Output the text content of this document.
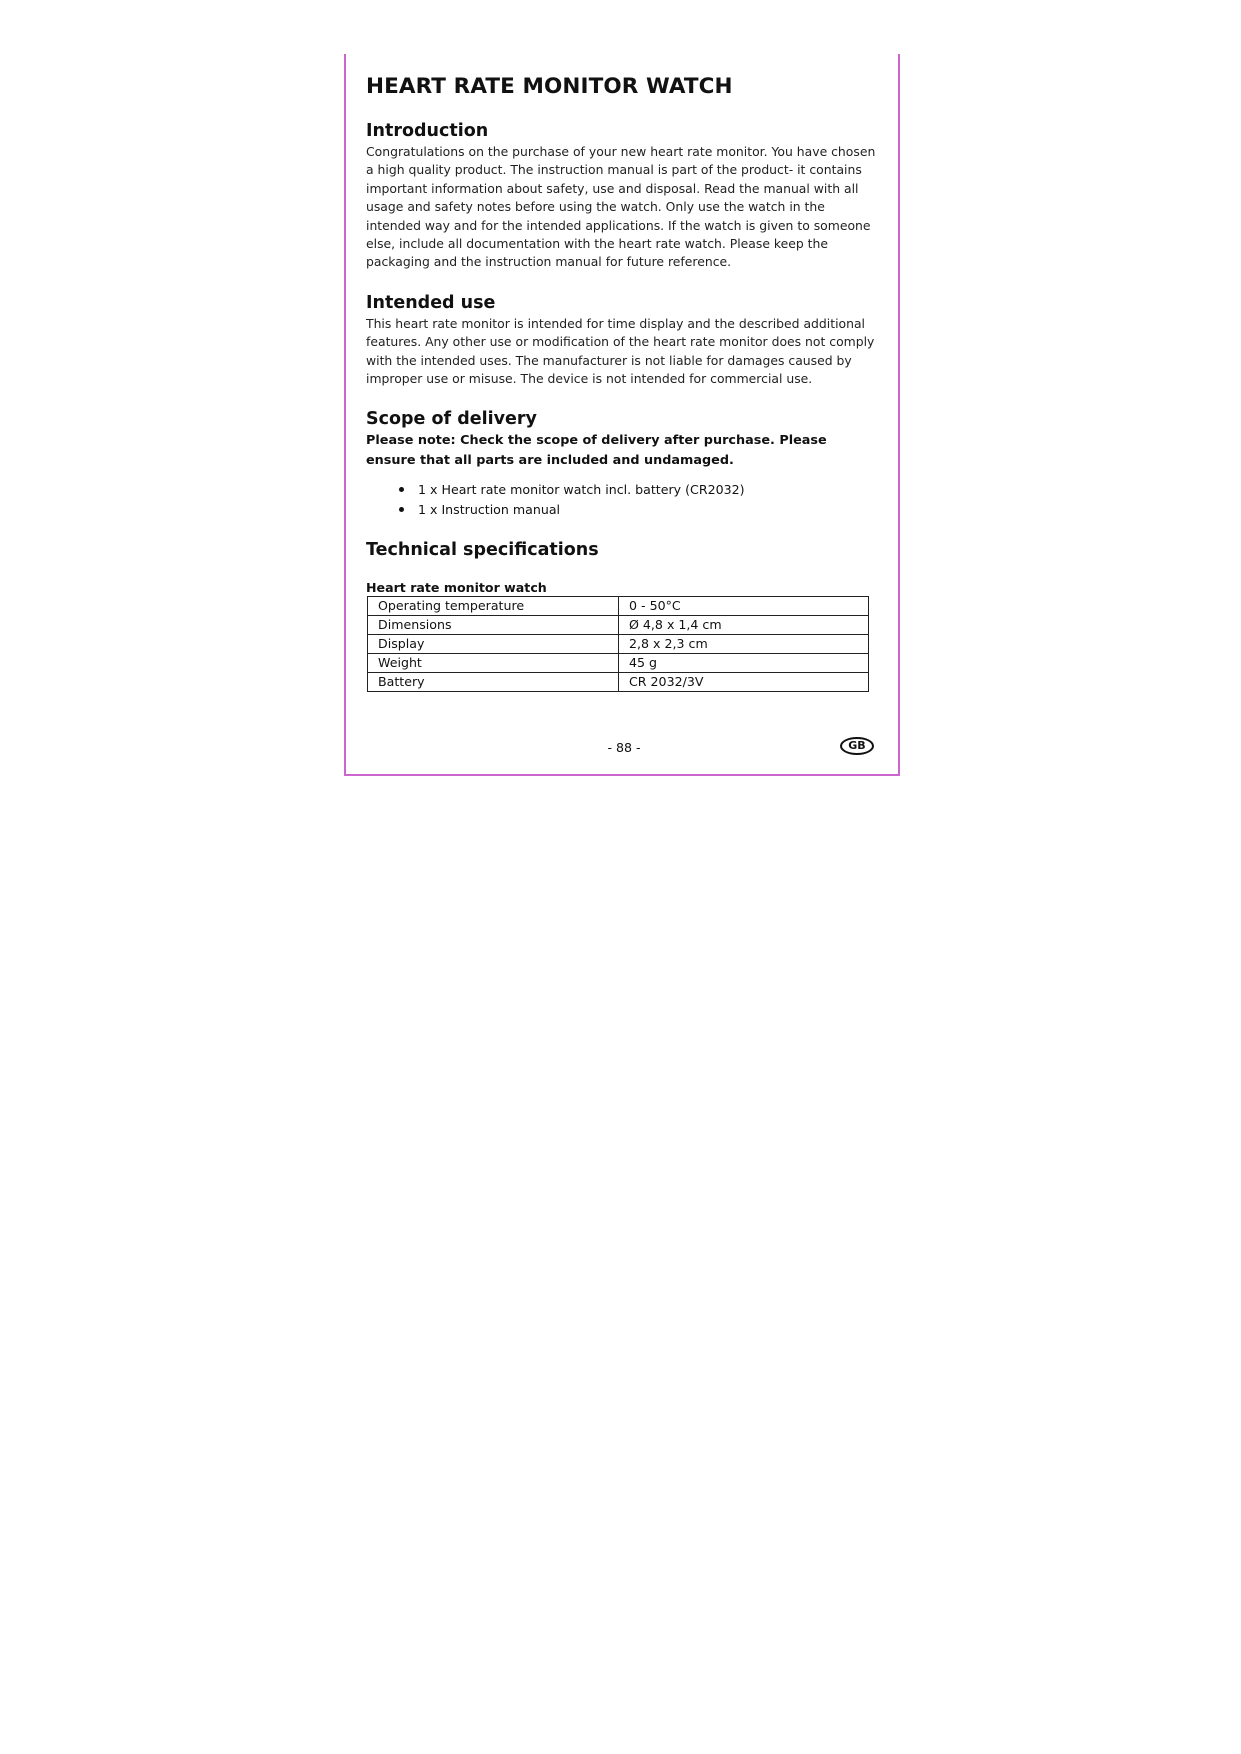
HEART RATE MONITOR WATCH
Introduction

Congratulations on the purchase of your new heart rate monitor. You have chosen a high quality product. The instruction manual is part of the product- it contains important information about safety, use and disposal. Read the manual with all usage and safety notes before using the watch. Only use the watch in the intended way and for the intended applications. If the watch is given to someone else, include all documentation with the heart rate watch. Please keep the packaging and the instruction manual for future reference.

Intended use

This heart rate monitor is intended for time display and the described additional features. Any other use or modification of the heart rate monitor does not comply with the intended uses. The manufacturer is not liable for damages caused by improper use or misuse. The device is not intended for commercial use.

Scope of delivery

Please note: Check the scope of delivery after purchase. Please ensure that all parts are included and undamaged.

1 x Heart rate monitor watch incl. battery (CR2032)
1 x Instruction manual
Technical specifications
Heart rate monitor watch
Operating temperature	0 - 50°C
Dimensions	Ø 4,8 x 1,4 cm
Display	2,8 x 2,3 cm
Weight	45 g
Battery	CR 2032/3V
- 88 -	GB
